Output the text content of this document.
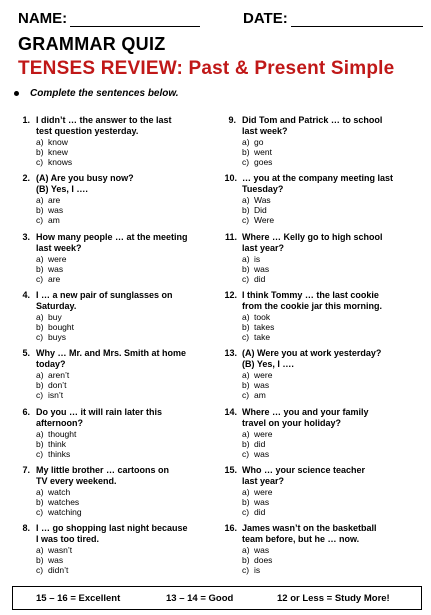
NAME:	DATE:
GRAMMAR QUIZ
TENSES REVIEW: Past & Present Simple
Complete the sentences below.
1. I didn’t … the answer to the last
test question yesterday.
a) know
b) knew
c) knows
2. (A) Are you busy now?
(B) Yes, I ….
a) are
b) was
c) am
3. How many people … at the meeting
last week?
a) were
b) was
c) are
4. I … a new pair of sunglasses on
Saturday.
a) buy
b) bought
c) buys
5. Why … Mr. and Mrs. Smith at home
today?
a) aren’t
b) don’t
c) isn’t
6. Do you … it will rain later this
afternoon?
a) thought
b) think
c) thinks
7. My little brother … cartoons on
TV every weekend.
a) watch
b) watches
c) watching
8. I … go shopping last night because
I was too tired.
a) wasn’t
b) was
c) didn’t
9. Did Tom and Patrick … to school
last week?
a) go
b) went
c) goes
10. … you at the company meeting last
Tuesday?
a) Was
b) Did
c) Were
11. Where … Kelly go to high school
last year?
a) is
b) was
c) did
12. I think Tommy … the last cookie
from the cookie jar this morning.
a) took
b) takes
c) take
13. (A) Were you at work yesterday?
(B) Yes, I ….
a) were
b) was
c) am
14. Where … you and your family
travel on your holiday?
a) were
b) did
c) was
15. Who … your science teacher
last year?
a) were
b) was
c) did
16. James wasn’t on the basketball
team before, but he … now.
a) was
b) does
c) is
15 – 16 = Excellent	13 – 14 = Good	12 or Less = Study More!
